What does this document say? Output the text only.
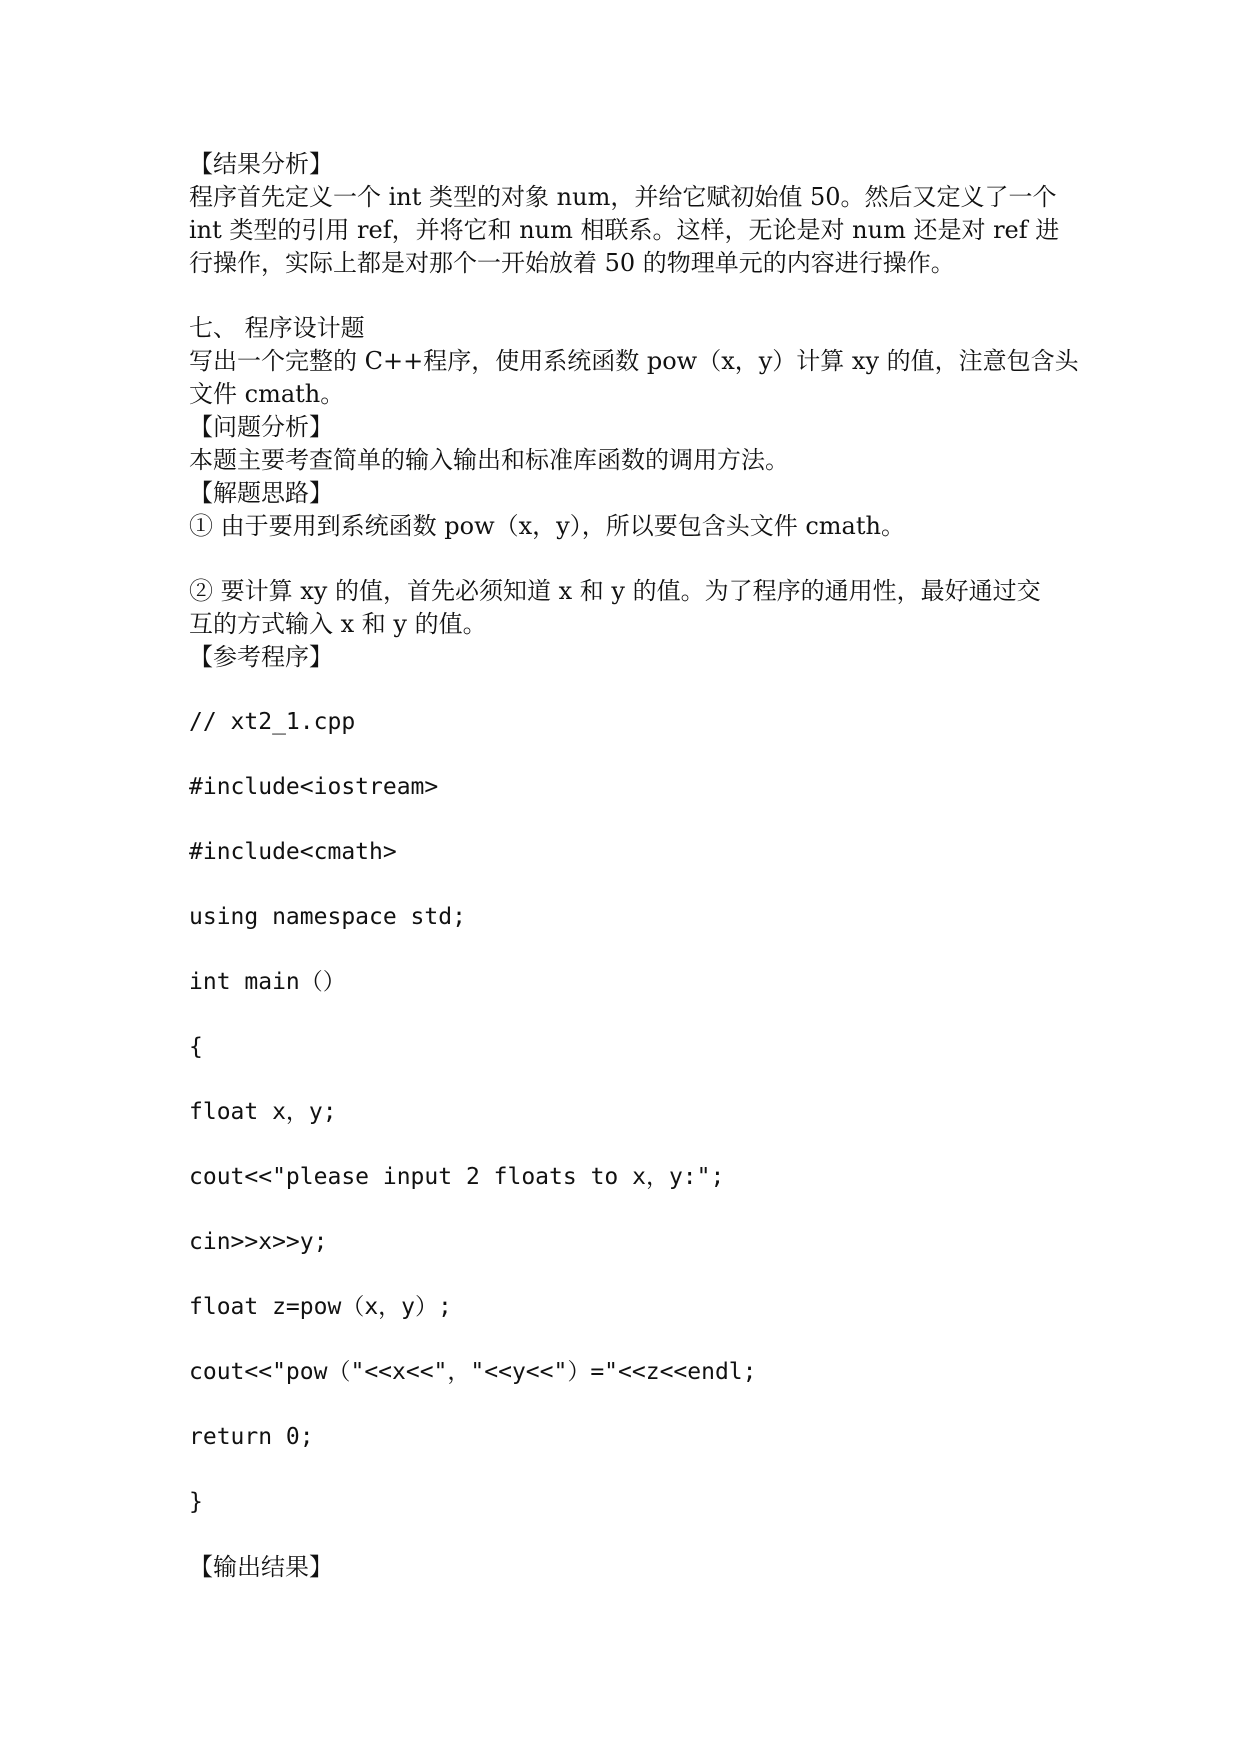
【结果分析】
程序首先定义一个 int 类型的对象 num，并给它赋初始值 50。然后又定义了一个
int 类型的引用 ref，并将它和 num 相联系。这样，无论是对 num 还是对 ref 进
行操作，实际上都是对那个一开始放着 50 的物理单元的内容进行操作。
七、 程序设计题
写出一个完整的 C++程序，使用系统函数 pow（x，y）计算 xy 的值，注意包含头
文件 cmath。
【问题分析】
本题主要考查简单的输入输出和标准库函数的调用方法。
【解题思路】
① 由于要用到系统函数 pow（x，y），所以要包含头文件 cmath。
② 要计算 xy 的值，首先必须知道 x 和 y 的值。为了程序的通用性，最好通过交
互的方式输入 x 和 y 的值。
【参考程序】
// xt2_1.cpp
#include<iostream>
#include<cmath>
using namespace std;
int main（）
{
float x，y;
cout<<"please input 2 floats to x，y:";
cin>>x>>y;
float z=pow（x，y）;
cout<<"pow（"<<x<<"，"<<y<<"）="<<z<<endl;
return 0;
}
【输出结果】
